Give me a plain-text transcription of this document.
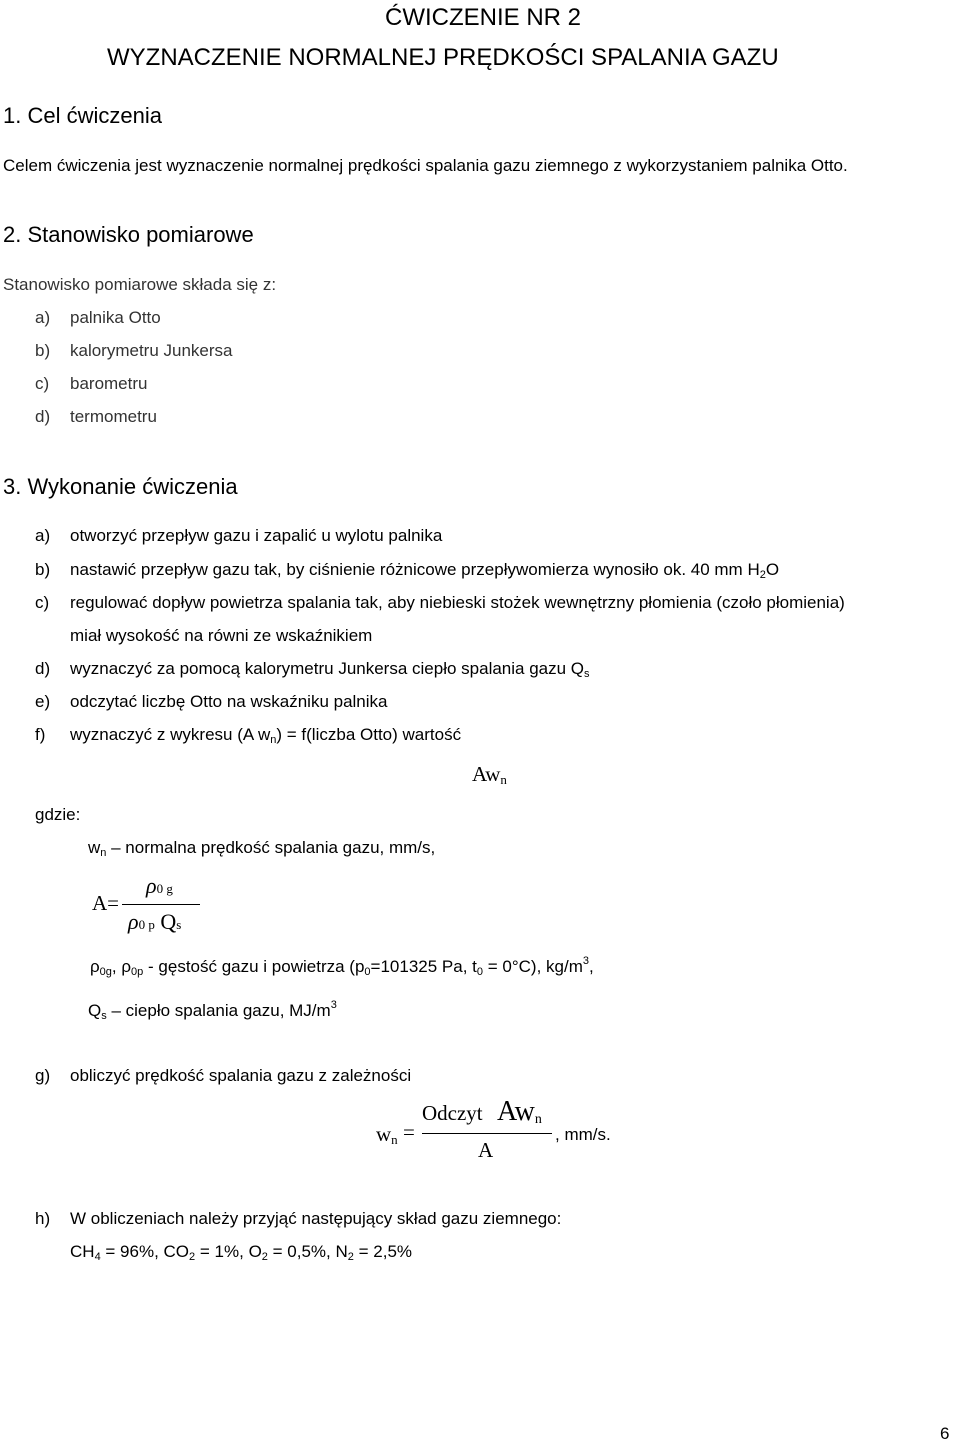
ĆWICZENIE NR 2
WYZNACZENIE NORMALNEJ PRĘDKOŚCI SPALANIA GAZU
1. Cel ćwiczenia
Celem ćwiczenia jest wyznaczenie normalnej prędkości spalania gazu ziemnego z wykorzystaniem palnika Otto.
2. Stanowisko pomiarowe
Stanowisko pomiarowe składa się z:
a) palnika Otto
b) kalorymetru Junkersa
c) barometru
d) termometru
3. Wykonanie ćwiczenia
a) otworzyć przepływ gazu i zapalić u wylotu palnika
b) nastawić przepływ gazu tak, by ciśnienie różnicowe przepływomierza wynosiło ok. 40 mm $H_2O$
c) regulować dopływ powietrza spalania tak, aby niebieski stożek wewnętrzny płomienia (czoło płomienia)
miał wysokość na równi ze wskaźnikiem
d) wyznaczyć za pomocą kalorymetru Junkersa ciepło spalania gazu $Q_s$
e) odczytać liczbę Otto na wskaźniku palnika
f) wyznaczyć z wykresu (A $w_n$) = f(liczba Otto) wartość
$Aw_n$
gdzie:
$w_n$ – normalna prędkość spalania gazu, mm/s,
A=
ρ0 g
ρ0 p Qs
$\rho_{0g}$, $\rho_{0p}$ - gęstość gazu i powietrza ($p_0=101325$ Pa, $t_0 = 0^\circ C$), $kg/m^3$,
$Q_s$ – ciepło spalania gazu, $MJ/m^3$
g) obliczyć prędkość spalania gazu z zależności
$w_n$ =
Odczyt $Aw_n$
A
, mm/s.
h) W obliczeniach należy przyjąć następujący skład gazu ziemnego:
$CH_4 = 96\%$, $CO_2 = 1\%$, $O_2 = 0,5\%$, $N_2 = 2,5\%$
6
